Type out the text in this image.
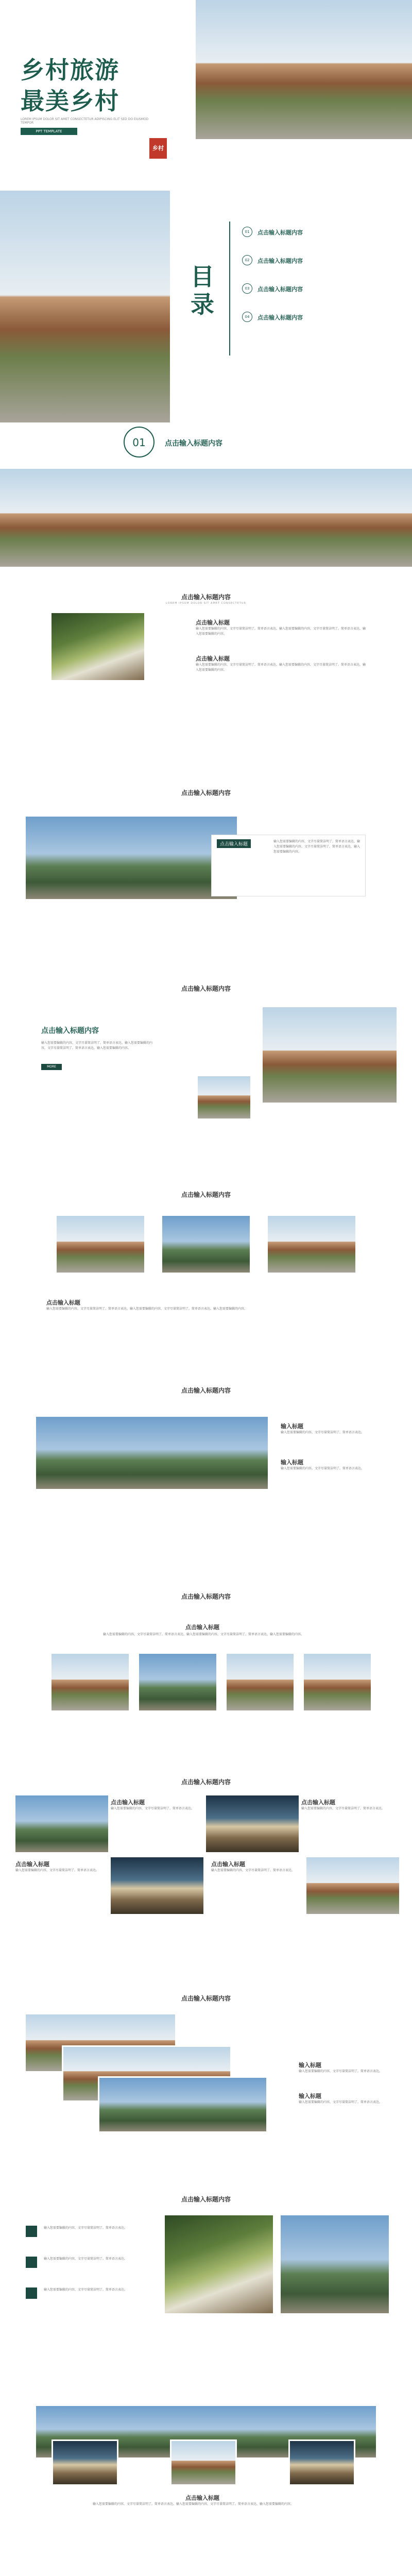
乡村旅游
最美乡村
LOREM IPSUM DOLOR SIT AMET CONSECTETUR ADIPISCING ELIT SED DO EIUSMOD TEMPOR
PPT TEMPLATE
乡村
目录
01	点击输入标题内容
02	点击输入标题内容
03	点击输入标题内容
04	点击输入标题内容
01	点击输入标题内容
点击输入标题内容
LOREM IPSUM DOLOR SIT AMET CONSECTETUR
点击输入标题
输入您需要编辑的内容，文字尽量简洁明了。简单语言表达，输入您需要编辑的内容，文字尽量简洁明了。简单语言表达，输入您需要编辑的内容。
点击输入标题
输入您需要编辑的内容，文字尽量简洁明了。简单语言表达，输入您需要编辑的内容，文字尽量简洁明了。简单语言表达，输入您需要编辑的内容。
点击输入标题内容
点击输入标题
输入您需要编辑的内容，文字尽量简洁明了。简单语言表达，输入您需要编辑的内容，文字尽量简洁明了。简单语言表达，输入您需要编辑的内容。
点击输入标题内容
点击输入标题内容
输入您需要编辑的内容，文字尽量简洁明了。简单语言表达，输入您需要编辑的内容，文字尽量简洁明了。简单语言表达，输入您需要编辑的内容。
MORE
点击输入标题内容
点击输入标题
输入您需要编辑的内容，文字尽量简洁明了。简单语言表达，输入您需要编辑的内容，文字尽量简洁明了。简单语言表达，输入您需要编辑的内容。
点击输入标题内容
输入标题
输入您需要编辑的内容，文字尽量简洁明了。简单语言表达。
输入标题
输入您需要编辑的内容，文字尽量简洁明了。简单语言表达。
点击输入标题内容
点击输入标题
输入您需要编辑的内容，文字尽量简洁明了。简单语言表达，输入您需要编辑的内容，文字尽量简洁明了。简单语言表达，输入您需要编辑的内容。
点击输入标题内容
点击输入标题
输入您需要编辑的内容，文字尽量简洁明了。简单语言表达。
点击输入标题
输入您需要编辑的内容，文字尽量简洁明了。简单语言表达。
点击输入标题
输入您需要编辑的内容，文字尽量简洁明了。简单语言表达。
点击输入标题
输入您需要编辑的内容，文字尽量简洁明了。简单语言表达。
点击输入标题内容
输入标题
输入您需要编辑的内容，文字尽量简洁明了。简单语言表达。
输入标题
输入您需要编辑的内容，文字尽量简洁明了。简单语言表达。
点击输入标题内容
输入您需要编辑的内容，文字尽量简洁明了。简单语言表达。
输入您需要编辑的内容，文字尽量简洁明了。简单语言表达。
输入您需要编辑的内容，文字尽量简洁明了。简单语言表达。
点击输入标题
输入您需要编辑的内容，文字尽量简洁明了。简单语言表达，输入您需要编辑的内容，文字尽量简洁明了。简单语言表达，输入您需要编辑的内容。
